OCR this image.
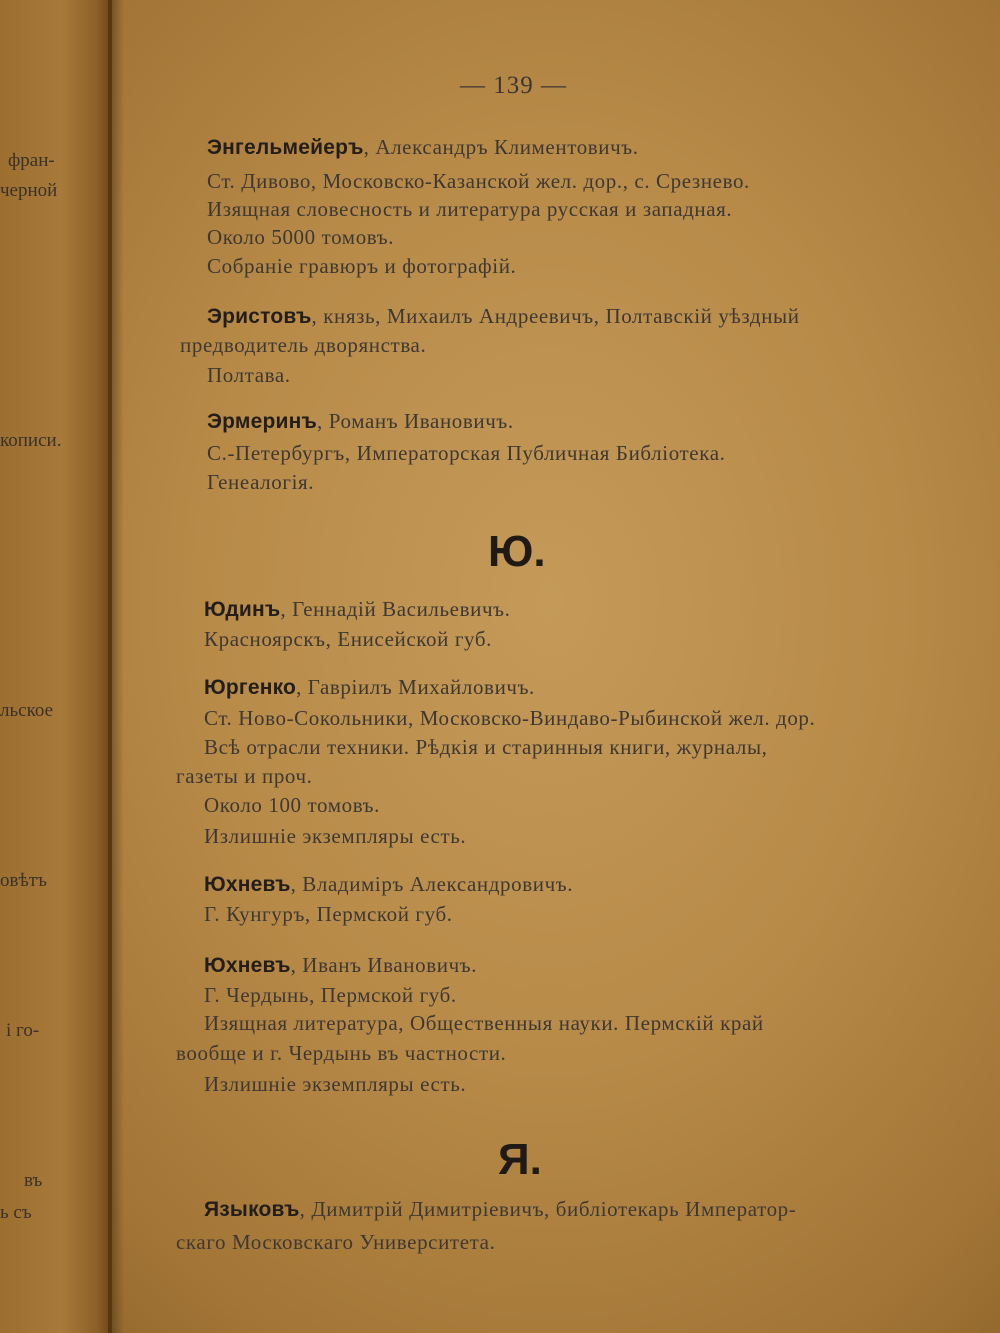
фран-
черной
кописи.
льское
овѣтъ
і го-
въ
ь съ
— 139 —
Энгельмейеръ, Александръ Климентовичъ.
Ст. Дивово, Московско-Казанской жел. дор., с. Срезнево.
Изящная словесность и литература русская и западная.
Около 5000 томовъ.
Собраніе гравюръ и фотографій.
Эристовъ, князь, Михаилъ Андреевичъ, Полтавскій уѣздный
предводитель дворянства.
Полтава.
Эрмеринъ, Романъ Ивановичъ.
С.-Петербургъ, Императорская Публичная Библіотека.
Генеалогія.
Ю.
Юдинъ, Геннадій Васильевичъ.
Красноярскъ, Енисейской губ.
Юргенко, Гавріилъ Михайловичъ.
Ст. Ново-Сокольники, Московско-Виндаво-Рыбинской жел. дор.
Всѣ отрасли техники. Рѣдкія и старинныя книги, журналы,
газеты и проч.
Около 100 томовъ.
Излишніе экземпляры есть.
Юхневъ, Владиміръ Александровичъ.
Г. Кунгуръ, Пермской губ.
Юхневъ, Иванъ Ивановичъ.
Г. Чердынь, Пермской губ.
Изящная литература, Общественныя науки. Пермскій край
вообще и г. Чердынь въ частности.
Излишніе экземпляры есть.
Я.
Языковъ, Димитрій Димитріевичъ, библіотекарь Император-
скаго Московскаго Университета.
